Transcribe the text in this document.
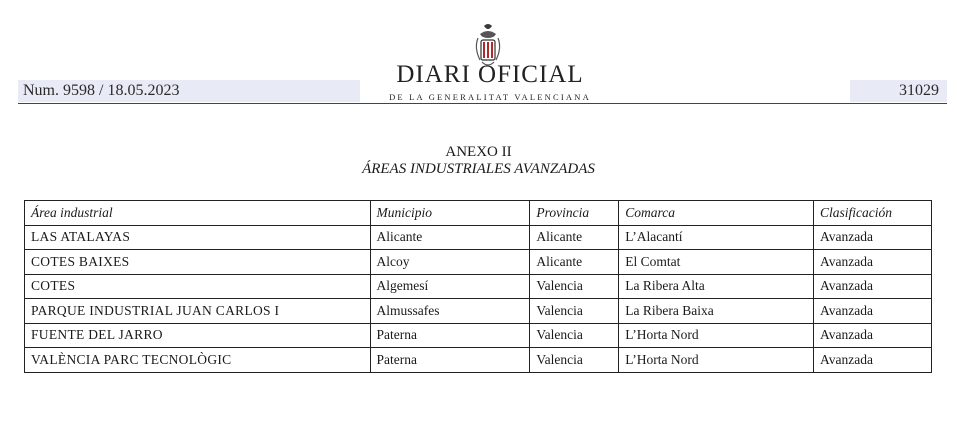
Num. 9598 / 18.05.2023
DIARI OFICIAL
DE LA GENERALITAT VALENCIANA	31029
ANEXO II
ÁREAS INDUSTRIALES AVANZADAS
Área industrial	Municipio	Provincia	Comarca	Clasificación
LAS ATALAYAS	Alicante	Alicante	L’Alacantí	Avanzada
COTES BAIXES	Alcoy	Alicante	El Comtat	Avanzada
COTES	Algemesí	Valencia	La Ribera Alta	Avanzada
PARQUE INDUSTRIAL JUAN CARLOS I	Almussafes	Valencia	La Ribera Baixa	Avanzada
FUENTE DEL JARRO	Paterna	Valencia	L’Horta Nord	Avanzada
VALÈNCIA PARC TECNOLÒGIC	Paterna	Valencia	L’Horta Nord	Avanzada
